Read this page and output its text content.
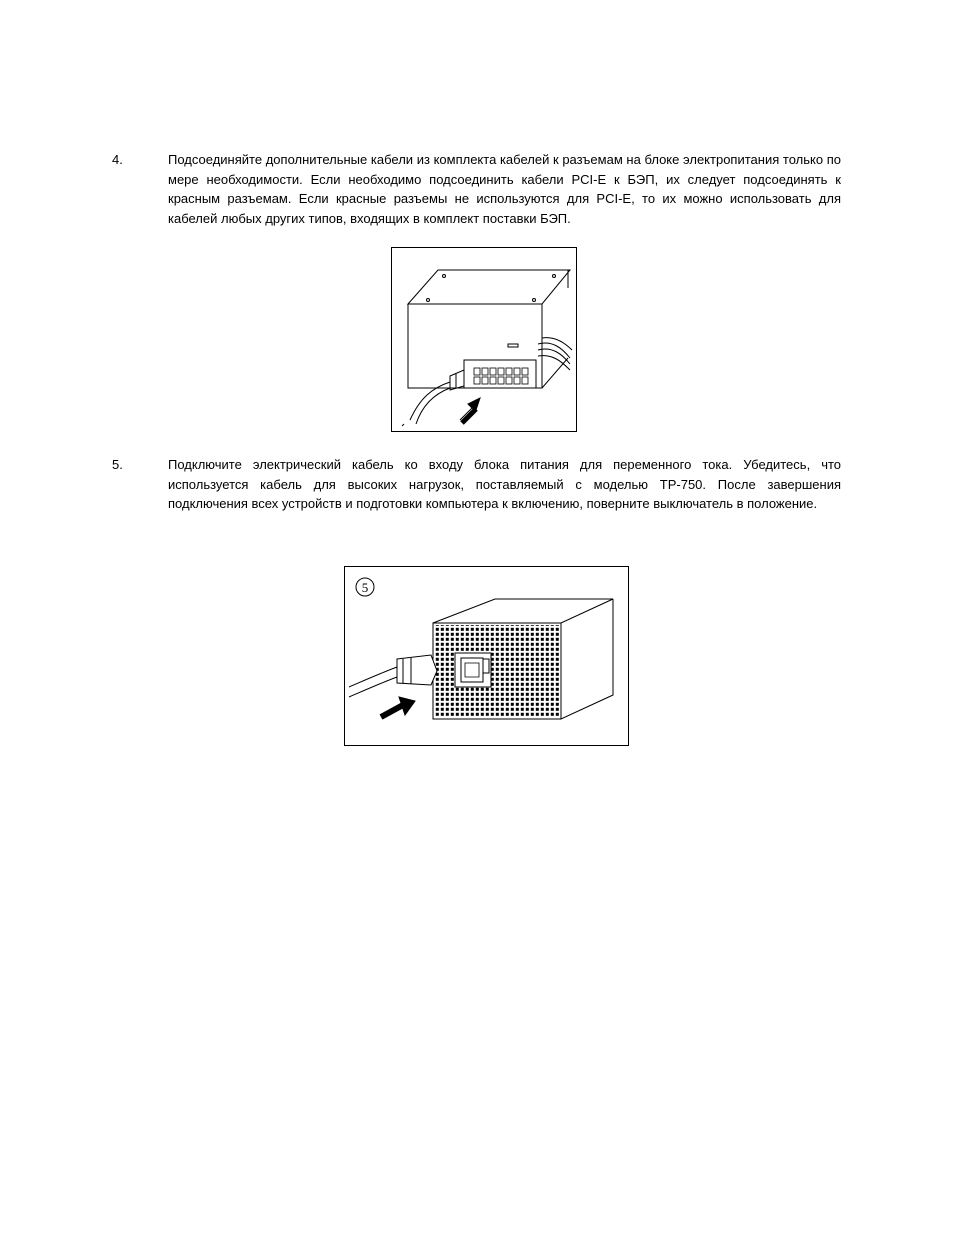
4.	Подсоединяйте дополнительные кабели из комплекта кабелей к разъемам на блоке электропитания только по мере необходимости. Если необходимо подсоединить кабели PCI-E к БЭП, их следует подсоединять к красным разъемам. Если красные разъемы не используются для PCI-E, то их можно использовать для кабелей любых других типов, входящих в комплект поставки БЭП.

5.	Подключите электрический кабель ко входу блока питания для переменного тока. Убедитесь, что используется кабель для высоких нагрузок, поставляемый с моделью TP-750. После завершения подключения всех устройств и подготовки компьютера к включению, поверните выключатель в положение.

5
